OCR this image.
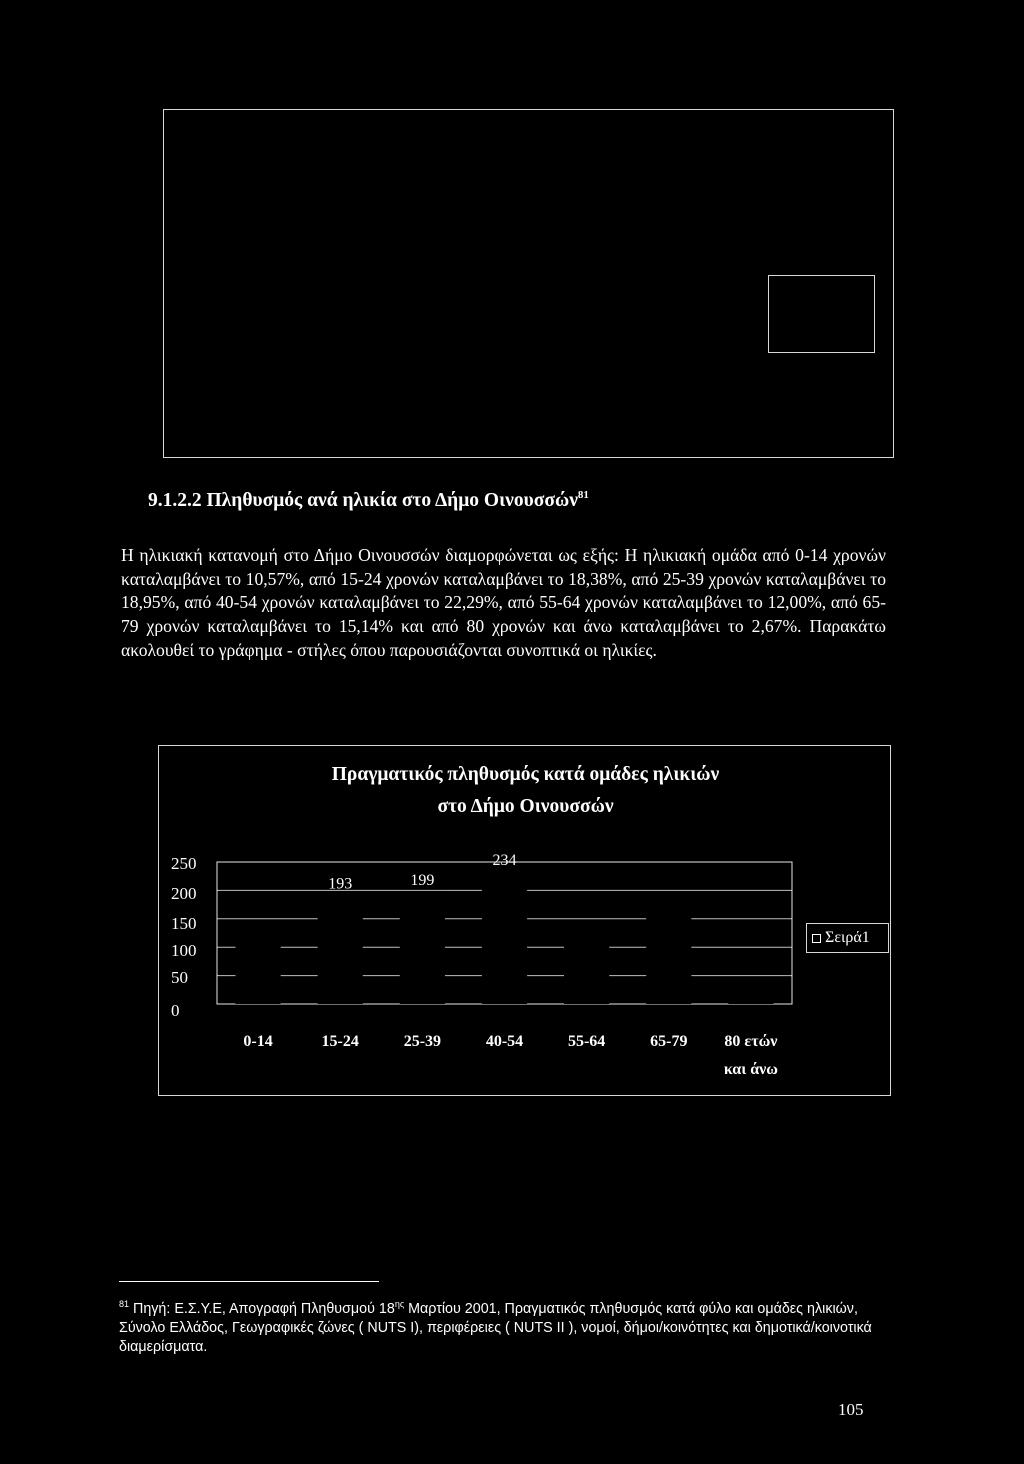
9.1.2.2 Πληθυσμός ανά ηλικία στο Δήμο Οινουσσών$^{81}$

Η ηλικιακή κατανομή στο Δήμο Οινουσσών διαμορφώνεται ως εξής: Η ηλικιακή ομάδα από 0-14 χρονών καταλαμβάνει το 10,57%, από 15-24 χρονών καταλαμβάνει το 18,38%, από 25-39 χρονών καταλαμβάνει το 18,95%, από 40-54 χρονών καταλαμβάνει το 22,29%, από 55-64 χρονών καταλαμβάνει το 12,00%, από 65-79 χρονών καταλαμβάνει το 15,14% και από 80 χρονών και άνω καταλαμβάνει το 2,67%. Παρακάτω ακολουθεί το γράφημα - στήλες όπου παρουσιάζονται συνοπτικά οι ηλικίες.

Πραγματικός πληθυσμός κατά ομάδες ηλικιών
στο Δήμο Οινουσσών
250
200
150
100
50
0
0-14
193
15-24
199
25-39
234
40-54	55-64	65-79 80 ετών
και άνω
Σειρά1

$^{81}$ Πηγή: Ε.Σ.Υ.Ε, Απογραφή Πληθυσμού $18^{\eta\varsigma}$ Μαρτίου 2001, Πραγματικός πληθυσμός κατά φύλο και ομάδες ηλικιών, Σύνολο Ελλάδος, Γεωγραφικές ζώνες ( NUTS I), περιφέρειες ( NUTS II ), νομοί, δήμοι/κοινότητες και δημοτικά/κοινοτικά διαμερίσματα.

105
